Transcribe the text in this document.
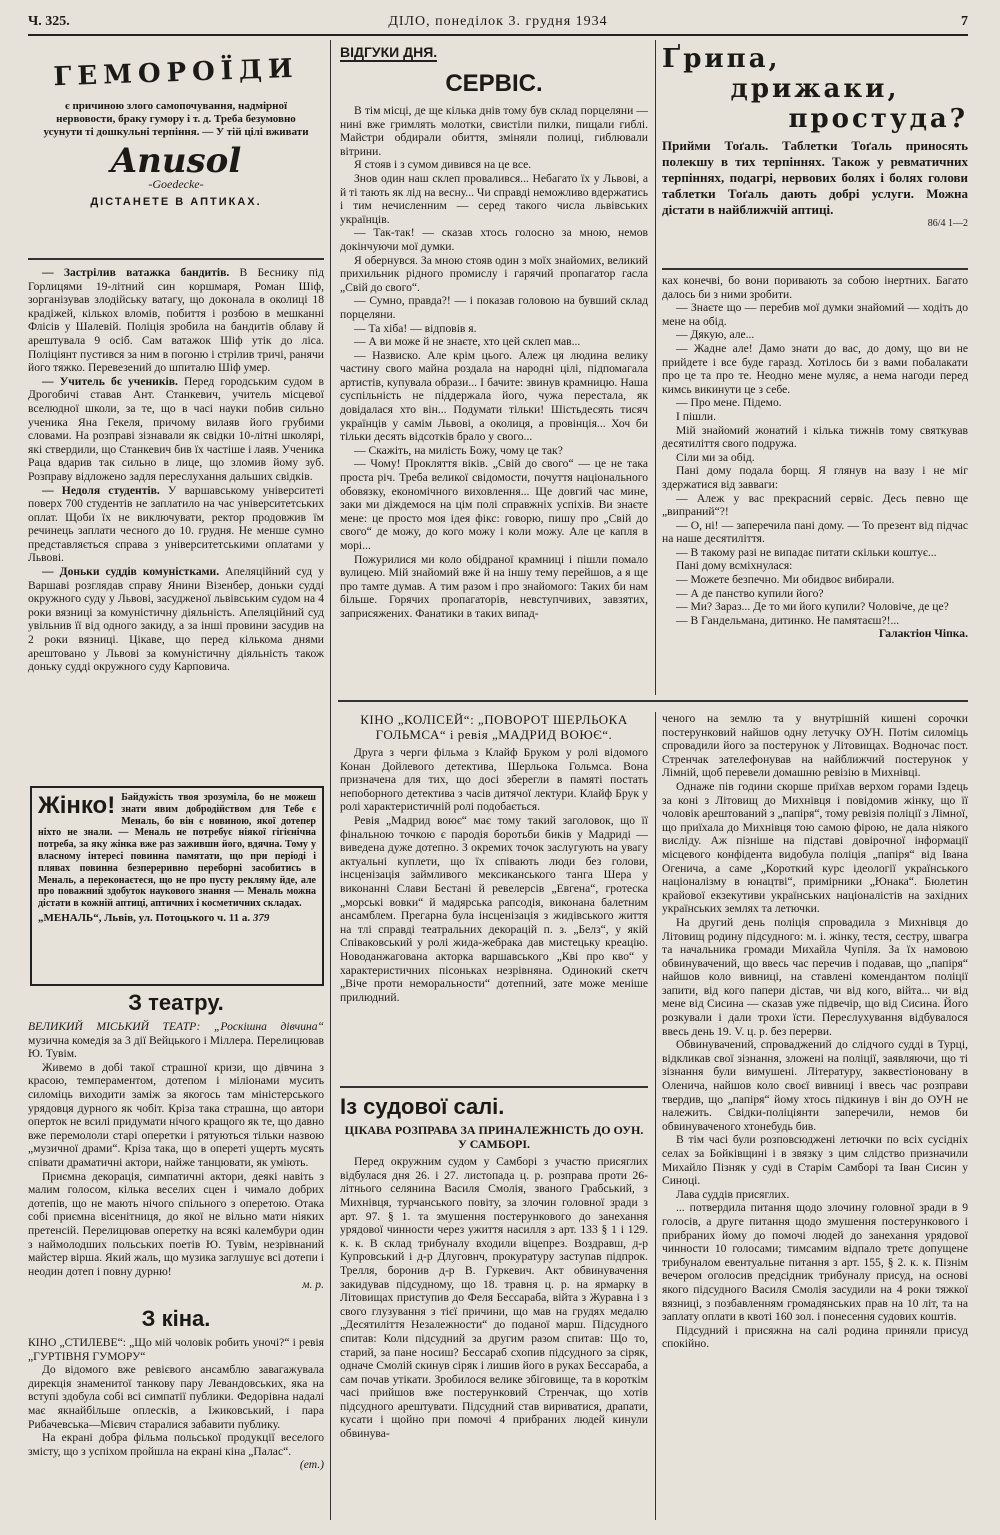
Ч. 325.	ДІЛО, понеділок 3. грудня 1934	7
ГЕМОРОЇДИ

є причиною злого самопочування, надмірної нервовости, браку гумору і т. д. Треба безумовно усунути ті дошкульні терпіння. — У тій цілі вживати

Anusol
-Goedecke-
ДІСТАНЕТЕ В АПТИКАХ.

— Застрілив ватажка бандитів. В Беснику під Горлицями 19-літний син коршмаря, Роман Шіф, зорганізував злодійську ватагу, що докoнала в околиці 18 крадіжей, кількох вломів, побиття і розбою в мешканні Флісів у Шалевій. Поліція зробила на бандитів облаву й арештувала 9 осіб. Сам ватажок Шіф утік до ліса. Поліціянт пустився за ним в погоню і стрілив тричі, ранячи його тяжко. Перевезений до шпиталю Шіф умер.

— Учитель бє учеників. Перед городським судом в Дрогобичі ставав Ант. Станкевич, учитель місцевої вселюдної школи, за те, що в часі науки побив сильно ученика Яна Гекеля, причому вилаяв його грубими словами. На розправі зізнавали як свідки 10-літні школярі, які ствердили, що Станкевич бив їх частіше і лаяв. Ученика Раца вдарив так сильно в лице, що зломив йому зуб. Розправу відложено задля переслухання дальших свідків.

— Недоля студентів. У варшавському університеті поверх 700 студентів не заплатило на час університетських оплат. Щоби їх не виключувати, ректор продовжив їм речинець заплати чесного до 10. грудня. Не менше сумно представляється справа з університетськими оплатами у Львові.

— Доньки суддів комуністками. Апеляційний суд у Варшаві розглядав справу Янини Візенбер, доньки судді окружного суду у Львові, засудженої львівським судом на 4 роки вязниці за комуністичну діяльність. Апеляційний суд увільнив її від одного закиду, а за інші провини засудив на 2 роки вязниці. Цікаве, що перед кількома днями арештовано у Львові за комуністичну діяльність також доньку судді окружного суду Карповича.

Жінко! Байдужість твоя зрозуміла, бо не можеш знати явим добродійством для Тебе є Меналь, бо він є новиною, якої дотепер ніхто не знали. — Меналь не потребує ніякої гігієнічна потреба, за яку жінка вже раз зажившн його, вдячна. Тому у власному інтересі повинна памятати, що при періоді і плявах повинна безпереривно переборні засобитись в Меналь, а переконаєтеся, що не про пусту рекляму йде, але про поважний здобуток наукового знання — Меналь можна дістати в кожній аптиці, аптичних і косметичних складах.

„МЕНАЛЬ“, Львів, ул. Потоцького ч. 11 а. 379
З театру.

ВЕЛИКИЙ МІСЬКИЙ ТЕАТР: „Роскішна дівчина“ музична комедія за 3 дії Вейцького і Міллера. Перелицював Ю. Тувім.

Живемо в добі такої страшної кризи, що дівчина з красою, темпераментом, дотепом і міліонами мусить силоміць виходити заміж за якогось там міністерського урядовця дурного як чобіт. Кріза така страшна, що автори оперток не всилі придумати нічого кращого як те, що давно вже перемололи старі оперетки і рятуються тільки назвою „музичної драми“. Кріза така, що в опереті ущерть мусять співати драматичні актори, найже танцювати, як уміють.

Приємна декорація, симпатичні актори, деякі навіть з малим голосом, кілька веселих сцен і чимало добрих дотепів, що не мають нічого спільного з оперетою. Отака собі приємна вісенітниця, до якої не вільно мати ніяких претенсій. Перелицював оперетку на всякі калембури один з наймолодших польських поетів Ю. Тувім, незрівнаний майстер вірша. Який жаль, що музика заглушує всі дотепи і неодин дотеп і повну дурню!

м. р.
З кіна.

КІНО „СТИЛЕВЕ“: „Що мій чоловік робить уночі?“ і ревія „ГУРТІВНЯ ГУМОРУ“

До відомого вже ревієвого ансамблю завагажувала дирекція знаменитої танкову пару Левандовських, яка на вступі здобула собі всі симпатії публики. Федорівна надалі має якнайбільше оплесків, а Іжиковський, і пара Рибачевська—Мієвич старалися забавити публику.

На екрані добра фільма польської продукції веселого змісту, що з успіхом пройшла на екрані кіна „Палас“.

(ет.)
ВІДГУКИ ДНЯ.
СЕРВІС.

В тім місці, де ще кілька днів тому був склад порцеляни — нині вже гримлять молотки, свистіли пилки, пищали гиблі. Майстри обдирали обиття, зміняли полиці, гиблювали вітрини.

Я стояв і з сумом дивився на це все.

Знов один наш склеп провалився... Небагато їх у Львові, а й ті тають як лід на весну... Чи справді неможливо вдержатись і тим нечисленним — серед такого числа львівських українців.

— Так-так! — сказав хтось голосно за мною, немов докінчуючи мої думки.

Я обернувся. За мною стояв один з моїх знайомих, великий прихильник рідного промислу і гарячий пропагатор гасла „Свій до свого“.

— Сумно, правда?! — і показав головою на бувший склад порцеляни.

— Та хіба! — відповів я.

— А ви може й не знаєте, хто цей склеп мав...

— Назвиско. Але крім цього. Алеж ця людина велику частину свого майна роздала на народні цілі, підпомагала артистів, купувала образи... І бачите: звинув крамницю. Наша суспільність не піддержала його, чужа перестала, як довідалася хто він... Подумати тільки! Шістьдесять тисяч українців у самім Львові, а околиця, а провінція... Хоч би тільки десять відсотків брало у свого...

— Скажіть, на милість Божу, чому це так?

— Чому! Прокляття віків. „Свій до свого“ — це не така проста річ. Треба великої свідомости, почуття національного обовязку, економічного виховлення... Ще довгий час мине, заки ми діждемося на цім полі справжніх успіхів. Ви знаєте мене: це просто моя ідея фікс: говорю, пишу про „Свій до свого“ де можу, до кого можу і коли можу. Але це капля в морі...

Пожурилися ми коло обідраної крамниці і пішли помало вулицею. Мій знайомий вже й на іншу тему перейшов, а я ще про тамте думав. А тим разом і про знайомого: Таких би нам більше. Горячих пропагаторів, невступчивих, завзятих, заприсяжених. Фанатики в таких випад-

Ґрипа,
дрижаки,
простуда?

Прийми Тоґаль. Таблетки Тоґаль приносять полекшу в тих терпіннях. Також у ревматичних терпіннях, подагрі, нервових болях і болях голови таблетки Тоґаль дають добрі услуги. Можна дістати в найближчій аптиці.

86/4 1—2

ках конечві, бо вони поривають за собою інертних. Багато далось би з ними зробити.

— Знаєте що — перебив мої думки знайомий — ходіть до мене на обід.

— Дякую, але...

— Жадне але! Дамо знати до вас, до дому, що ви не прийдете і все буде гаразд. Хотілось би з вами побалакати про це та про те. Неодно мене муляє, а нема нагоди перед кимсь викинути це з себе.

— Про мене. Підемо.

І пішли.

Мій знайомий жонатий і кілька тижнів тому святкував десятиліття свого подружа.

Сіли ми за обід.

Пані дому подала борщ. Я глянув на вазу і не міг здержатися від завваги:

— Алеж у вас прекрасний сервіс. Десь певно ще „випраний“?!

— О, ні! — заперечила пані дому. — То презент від підчас на наше десятиліття.

— В такому разі не випадає питати скільки коштує...

Пані дому всміхнулася:

— Можете безпечно. Ми обидвоє вибирали.

— А де панство купили його?

— Ми? Зараз... Де то ми його купили? Чоловіче, де це?

— В Гандельмана, дитинко. Не памятаєш?!...

Галактіон Чіпка.

КІНО „КОЛІСЕЙ“: „ПОВОРОТ ШЕРЛЬОКА ГОЛЬМСА“ і ревія „МАДРИД ВОЮЄ“.

Друга з черги фільма з Клайф Бруком у ролі відомого Конан Дойлевого детектива, Шерльока Гольмса. Вона призначена для тих, що досі зберегли в памяті постать непоборного детектива з часів дитячої лектури. Клайф Брук у ролі характеристичній ролі подобається.

Ревія „Мадрид воює“ має тому такий заголовок, що її фінальною точкою є пародія боротьби биків у Мадриді — виведена дуже дотепно. З окремих точок заслугують на увагу актуальні куплети, що їх співають люди без голови, інсценізація займливого мексиканського танга Шера у виконанні Слави Бестані й ревелерсів „Евгена“, гротеска „морські вовки“ й мадярська рапсодія, виконана балетним ансамблем. Прегарна була інсценізація з жидівського життя на тлі справді театральних декорацій п. з. „Белз“, у якій Співаковський у ролі жида-жебрака дав мистецьку креацію. Новоданжагована акторка варшавського „Кві про кво“ у характеристичних пісоньках незрівняна. Одинокий скетч „Віче проти неморальности“ дотепний, зате може меніше прилюдний.

Із судової салі.

ЦІКАВА РОЗПРАВА ЗА ПРИНАЛЕЖНІСТЬ ДО ОУН. У САМБОРІ.

Перед окружним судом у Самборі з участю присяглих відбулася дня 26. і 27. листопада ц. р. розправа проти 26-літнього селянина Василя Смолія, званого Грабський, з Михнівця, турчанського повіту, за злочин головної зради з арт. 97. § 1. та змушення постерункового до занехання урядової чинности через ужиття насилля з арт. 133 § 1 і 129. к. к. В склад трибуналу входили віцепрез. Воздравш, д-р Купровський і д-р Длуговнч, прокуратуру заступав підпрок. Трелля, боронив д-р В. Гуркевич. Акт обвинувачення закидував підсудному, що 18. травня ц. р. на ярмарку в Літовищах приступив до Феля Бессараба, війта з Журавна і з свого глузування з тієї причини, що мав на грудях медалю „Десятиліття Незалежности“ до поданої марш. Підсудного спитав: Коли підсудний за другим разом спитав: Що то, старий, за пане носиш? Бессараб схопив підсудного за сіряк, одначе Смолій скинув сіряк і лишив його в руках Бессараба, а сам почав утікати. Зробилося велике збіговище, та в короткім часі прийшов вже постерунковий Стренчак, що хотів підсудного арештувати. Підсудний став вириватися, драпати, кусати і щойно при помочі 4 прибраних людей кинули обвинува-

ченого на землю та у внутрішній кишені сорочки постерунковий найшов одну летучку ОУН. Потім силоміць спровадили його за постерунок у Літовищах. Водночас пост. Стренчак зателефонував на найближчий постерунок у Лімній, щоб перевели домашню ревізію в Михнівці.

Однаже пів години скорше приїхав верхом горами Іздець за коні з Літовищ до Михнівця і повідомив жінку, що її чоловік арештований з „папіря“, тому ревізія поліції з Лімної, що приїхала до Михнівця тою самою фірою, не дала ніякого висліду. Аж пізніше на підставі довірочної інформації місцевого конфідента видобула поліція „папіря“ від Івана Огенича, а саме „Короткий курс ідеології українського націоналізму в юнацтві“, примірники „Юнака“. Бюлетин крайової екзекутиви українських націоналістів на західних українських землях та летючки.

На другий день поліція спровадила з Михнівця до Літовищ родину підсудного: м. і. жінку, тестя, сестру, швагра та начальника громади Михайла Чупіля. За їх намовою обвинувачений, що ввесь час перечив і подавав, що „папіря“ найшов коло вивниці, на ставлені комендантом поліції запити, від кого папери дістав, чи від кого, війта... чи від мене від Сисина — сказав уже підвечір, що від Сисина. Його розкували і дали трохи їсти. Переслухування відбувалося ввесь день 19. V. ц. р. без перерви.

Обвинувачений, спроваджений до слідчого судді в Турці, відкликав свої зізнання, зложені на поліції, заявляючи, що ті зізнання були вимушені. Літературу, заквестіоновану в Оленича, найшов коло своєї вивниці і ввесь час розправи твердив, що „папіря“ йому хтось підкинув і він до ОУН не належить. Свідки-поліціянти заперечили, немов би обвинуваченого хтонебудь бив.

В тім часі були розповсюджені летючки по всіх сусідніх селах за Бойківщині і в звязку з цим слідство призначили Михайло Пізняк у суді в Старім Самборі та Іван Сисин у Синоці.

Лава суддів присяглих.

... потвердила питання щодо злочину головної зради в 9 голосів, а друге питання щодо змушення постерункового і прибраних йому до помочі людей до занехання урядової чинности 10 голосами; тимсамим відпало третє допущене трибуналом евентуальне питання з арт. 155, § 2. к. к. Пізнім вечером оголосив предсідник трибуналу присуд, на основі якого підсудного Василя Смолія засудили на 4 роки тяжкої вязниці, з позбавленням громадянських прав на 10 літ, та на заплату оплати в квоті 160 зол. і понесення судових коштів.

Підсудний і присяжна на салі родина приняли присуд спокійно.
